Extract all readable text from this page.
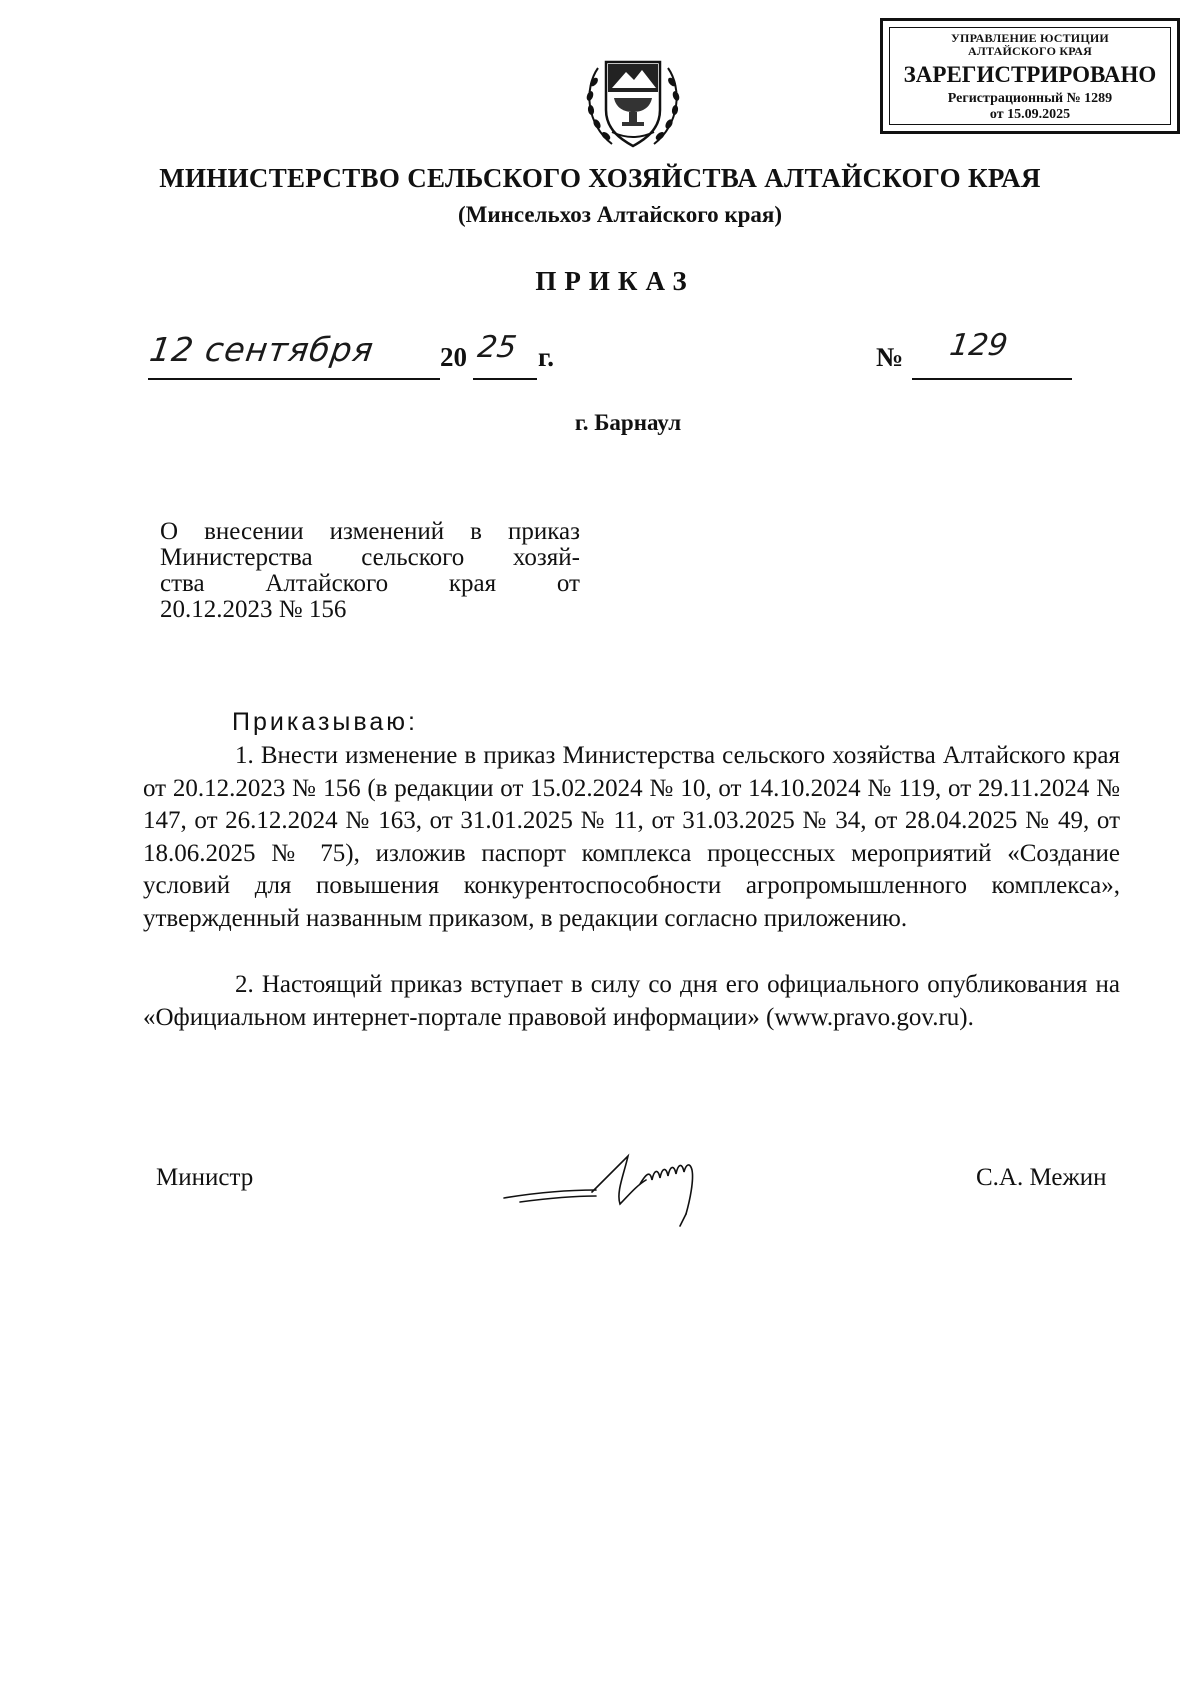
УПРАВЛЕНИЕ ЮСТИЦИИ
АЛТАЙСКОГО КРАЯ
ЗАРЕГИСТРИРОВАНО
Регистрационный № 1289
от 15.09.2025
МИНИСТЕРСТВО СЕЛЬСКОГО ХОЗЯЙСТВА АЛТАЙСКОГО КРАЯ
(Минсельхоз Алтайского края)
ПРИКАЗ
12 сентября 20 25 г.	№ 129
г. Барнаул
О внесении изменений в приказ
Министерства сельского хозяй-
ства Алтайского края от
20.12.2023 № 156
Приказываю:

1. Внести изменение в приказ Министерства сельского хозяйства Алтайского края от 20.12.2023 № 156 (в редакции от 15.02.2024 № 10, от 14.10.2024 № 119, от 29.11.2024 № 147, от 26.12.2024 № 163, от 31.01.2025 № 11, от 31.03.2025 № 34, от 28.04.2025 № 49, от 18.06.2025 № 75), изложив паспорт комплекса процессных мероприятий «Создание условий для повышения конкурентоспособности агропромышленного комплекса», утвержденный названным приказом, в редакции согласно приложению.

2. Настоящий приказ вступает в силу со дня его официального опубликования на «Официальном интернет-портале правовой информации» (www.pravo.gov.ru).

Министр	С.А. Межин
